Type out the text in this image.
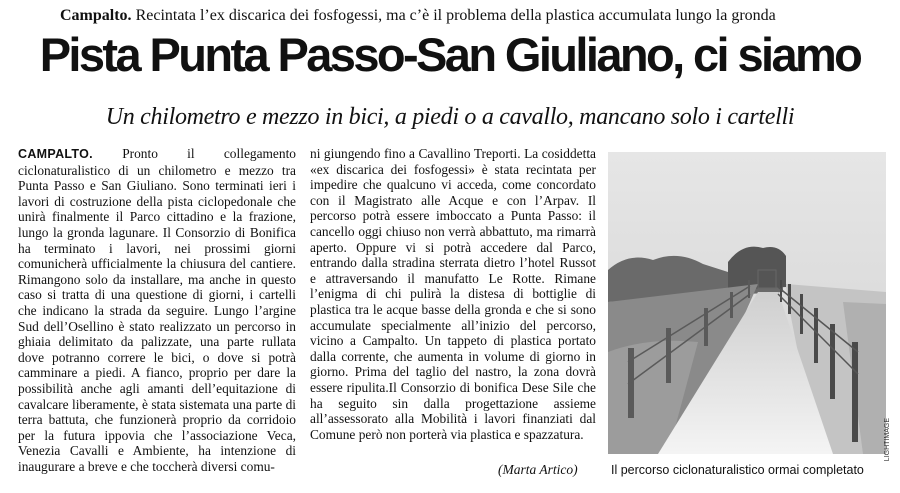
Campalto. Recintata l’ex discarica dei fosfogessi, ma c’è il problema della plastica accumulata lungo la gronda
Pista Punta Passo-San Giuliano, ci siamo
Un chilometro e mezzo in bici, a piedi o a cavallo, mancano solo i cartelli
CAMPALTO. Pronto il collegamento ciclonaturalistico di un chilometro e mezzo tra Punta Passo e San Giuliano. Sono terminati ieri i lavori di costruzione della pista ciclopedonale che unirà finalmente il Parco cittadino e la frazione, lungo la gronda lagunare. Il Consorzio di Bonifica ha terminato i lavori, nei prossimi giorni comunicherà ufficialmente la chiusura del cantiere. Rimangono solo da installare, ma anche in questo caso si tratta di una questione di giorni, i cartelli che indicano la strada da seguire. Lungo l’argine Sud dell’Osellino è stato realizzato un percorso in ghiaia delimitato da palizzate, una parte rullata dove potranno correre le bici, o dove si potrà camminare a piedi. A fianco, proprio per dare la possibilità anche agli amanti dell’equitazione di cavalcare liberamente, è stata sistemata una parte di terra battuta, che funzionerà proprio da corridoio per la futura ippovia che l’associazione Veca, Venezia Cavalli e Ambiente, ha intenzione di inaugurare a breve e che toccherà diversi comu-
ni giungendo fino a Cavallino Treporti. La cosiddetta «ex discarica dei fosfogessi» è stata recintata per impedire che qualcuno vi acceda, come concordato con il Magistrato alle Acque e con l’Arpav. Il percorso potrà essere imboccato a Punta Passo: il cancello oggi chiuso non verrà abbattuto, ma rimarrà aperto. Oppure vi si potrà accedere dal Parco, entrando dalla stradina sterrata dietro l’hotel Russot e attraversando il manufatto Le Rotte. Rimane l’enigma di chi pulirà la distesa di bottiglie di plastica tra le acque basse della gronda e che si sono accumulate specialmente all’inizio del percorso, vicino a Campalto. Un tappeto di plastica portato dalla corrente, che aumenta in volume di giorno in giorno. Prima del taglio del nastro, la zona dovrà essere ripulita.Il Consorzio di bonifica Dese Sile che ha seguito sin dalla progettazione assieme all’assessorato alla Mobilità i lavori finanziati dal Comune però non porterà via plastica e spazzatura.
(Marta Artico)
LIGHTIMAGE
Il percorso ciclonaturalistico ormai completato
